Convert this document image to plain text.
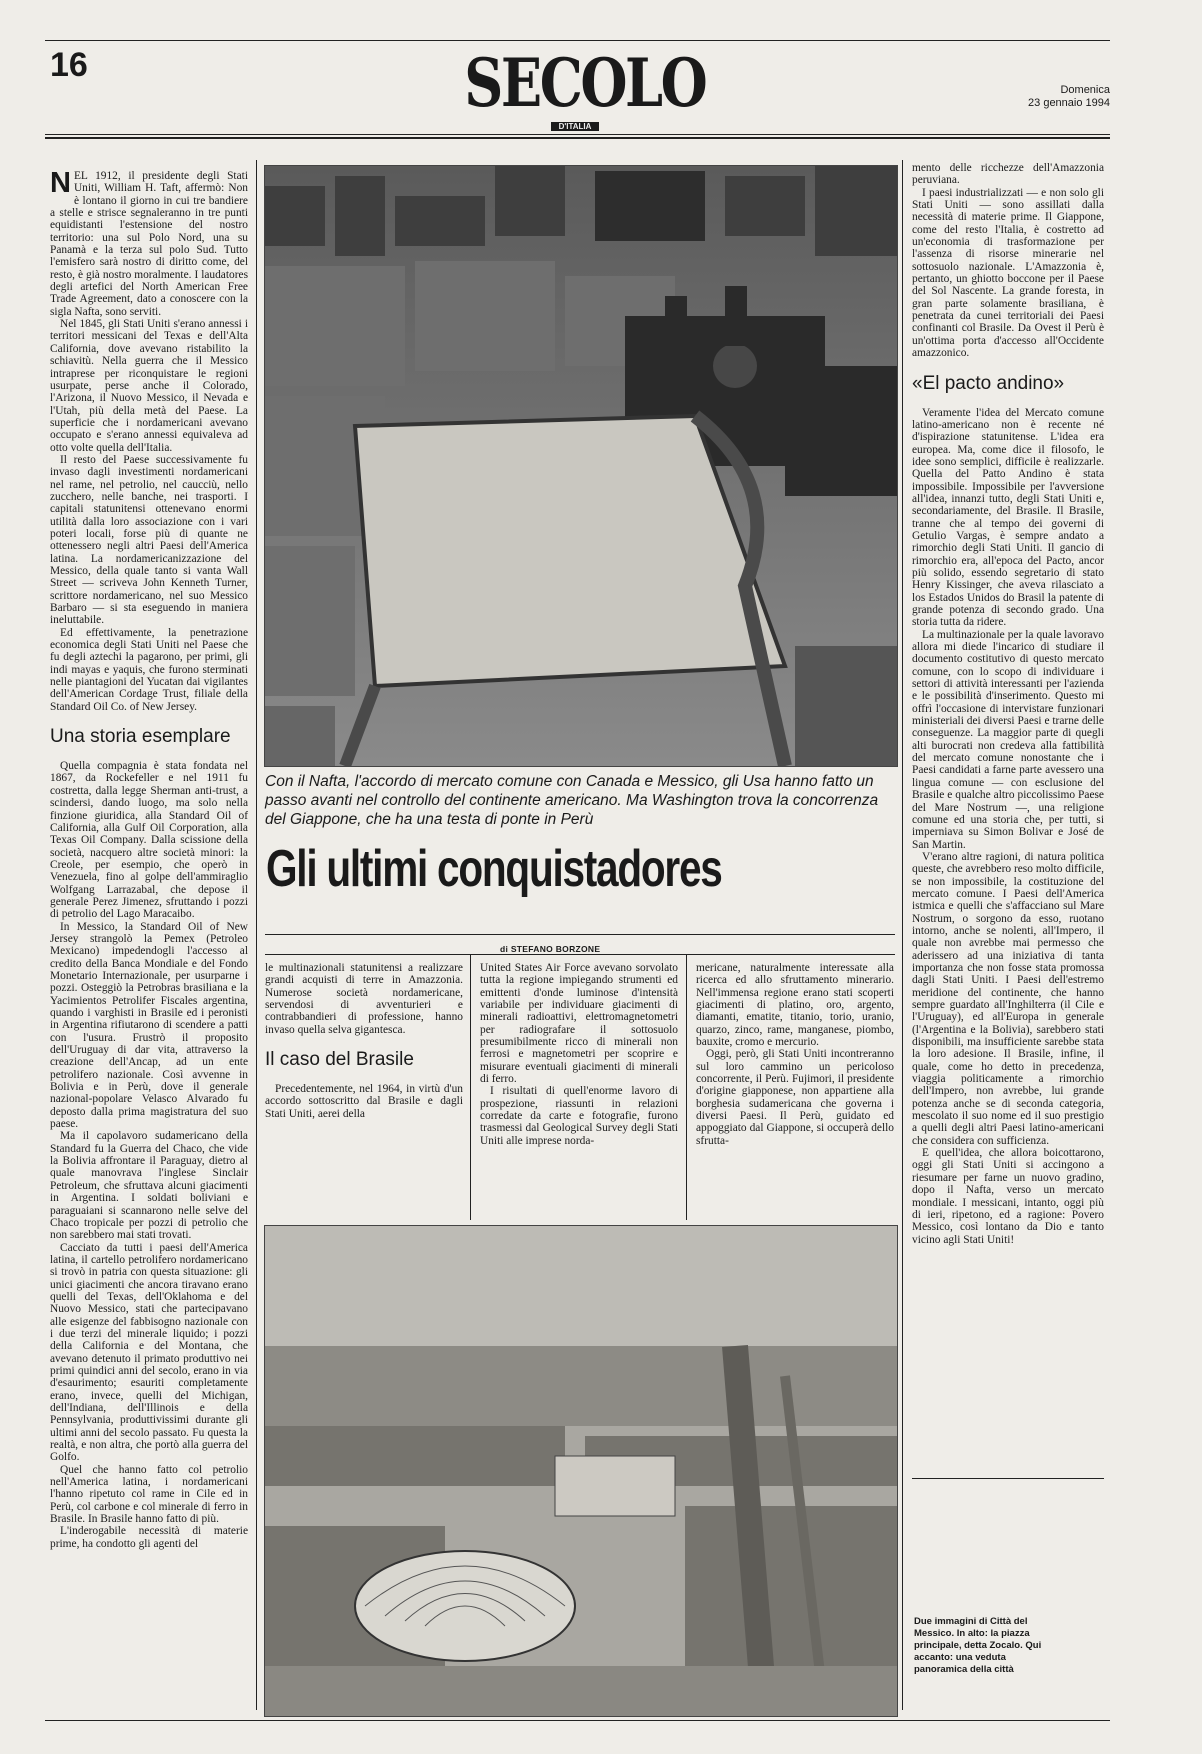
16	SECOLO
D'ITALIA
Domenica
23 gennaio 1994

NEL 1912, il presidente degli Stati Uniti, William H. Taft, affermò: Non è lontano il giorno in cui tre bandiere a stelle e strisce segnaleranno in tre punti equidistanti l'estensione del nostro territorio: una sul Polo Nord, una su Panamà e la terza sul polo Sud. Tutto l'emisfero sarà nostro di diritto come, del resto, è già nostro moralmente. I laudatores degli artefici del North American Free Trade Agreement, dato a conoscere con la sigla Nafta, sono serviti.

Nel 1845, gli Stati Uniti s'erano annessi i territori messicani del Texas e dell'Alta California, dove avevano ristabilito la schiavitù. Nella guerra che il Messico intraprese per riconquistare le regioni usurpate, perse anche il Colorado, l'Arizona, il Nuovo Messico, il Nevada e l'Utah, più della metà del Paese. La superficie che i nordamericani avevano occupato e s'erano annessi equivaleva ad otto volte quella dell'Italia.

Il resto del Paese successivamente fu invaso dagli investimenti nordamericani nel rame, nel petrolio, nel caucciù, nello zucchero, nelle banche, nei trasporti. I capitali statunitensi ottenevano enormi utilità dalla loro associazione con i vari poteri locali, forse più di quante ne ottenessero negli altri Paesi dell'America latina. La nordamericanizzazione del Messico, della quale tanto si vanta Wall Street — scriveva John Kenneth Turner, scrittore nordamericano, nel suo Messico Barbaro — si sta eseguendo in maniera ineluttabile.

Ed effettivamente, la penetrazione economica degli Stati Uniti nel Paese che fu degli aztechi la pagarono, per primi, gli indi mayas e yaquis, che furono sterminati nelle piantagioni del Yucatan dai vigilantes dell'American Cordage Trust, filiale della Standard Oil Co. of New Jersey.

Una storia esemplare

Quella compagnia è stata fondata nel 1867, da Rockefeller e nel 1911 fu costretta, dalla legge Sherman anti-trust, a scindersi, dando luogo, ma solo nella finzione giuridica, alla Standard Oil of California, alla Gulf Oil Corporation, alla Texas Oil Company. Dalla scissione della società, nacquero altre società minori: la Creole, per esempio, che operò in Venezuela, fino al golpe dell'ammiraglio Wolfgang Larrazabal, che depose il generale Perez Jimenez, sfruttando i pozzi di petrolio del Lago Maracaibo.

In Messico, la Standard Oil of New Jersey strangolò la Pemex (Petroleo Mexicano) impedendogli l'accesso al credito della Banca Mondiale e del Fondo Monetario Internazionale, per usurparne i pozzi. Osteggiò la Petrobras brasiliana e la Yacimientos Petrolifer Fiscales argentina, quando i varghisti in Brasile ed i peronisti in Argentina rifiutarono di scendere a patti con l'usura. Frustrò il proposito dell'Uruguay di dar vita, attraverso la creazione dell'Ancap, ad un ente petrolifero nazionale. Così avvenne in Bolivia e in Perù, dove il generale nazional-popolare Velasco Alvarado fu deposto dalla prima magistratura del suo paese.

Ma il capolavoro sudamericano della Standard fu la Guerra del Chaco, che vide la Bolivia affrontare il Paraguay, dietro al quale manovrava l'inglese Sinclair Petroleum, che sfruttava alcuni giacimenti in Argentina. I soldati boliviani e paraguaiani si scannarono nelle selve del Chaco tropicale per pozzi di petrolio che non sarebbero mai stati trovati.

Cacciato da tutti i paesi dell'America latina, il cartello petrolifero nordamericano si trovò in patria con questa situazione: gli unici giacimenti che ancora tiravano erano quelli del Texas, dell'Oklahoma e del Nuovo Messico, stati che partecipavano alle esigenze del fabbisogno nazionale con i due terzi del minerale liquido; i pozzi della California e del Montana, che avevano detenuto il primato produttivo nei primi quindici anni del secolo, erano in via d'esaurimento; esauriti completamente erano, invece, quelli del Michigan, dell'Indiana, dell'Illinois e della Pennsylvania, produttivissimi durante gli ultimi anni del secolo passato. Fu questa la realtà, e non altra, che portò alla guerra del Golfo.

Quel che hanno fatto col petrolio nell'America latina, i nordamericani l'hanno ripetuto col rame in Cile ed in Perù, col carbone e col minerale di ferro in Brasile. In Brasile hanno fatto di più.

L'inderogabile necessità di materie prime, ha condotto gli agenti del

Con il Nafta, l'accordo di mercato comune con Canada e Messico, gli Usa hanno fatto un passo avanti nel controllo del continente americano. Ma Washington trova la concorrenza del Giappone, che ha una testa di ponte in Perù
Gli ultimi conquistadores
di STEFANO BORZONE

le multinazionali statunitensi a realizzare grandi acquisti di terre in Amazzonia. Numerose società nordamericane, servendosi di avventurieri e contrabbandieri di professione, hanno invaso quella selva gigantesca.

Il caso del Brasile

Precedentemente, nel 1964, in virtù d'un accordo sottoscritto dal Brasile e dagli Stati Uniti, aerei della

United States Air Force avevano sorvolato tutta la regione impiegando strumenti ed emittenti d'onde luminose d'intensità variabile per individuare giacimenti di minerali radioattivi, elettromagnetometri per radiografare il sottosuolo presumibilmente ricco di minerali non ferrosi e magnetometri per scoprire e misurare eventuali giacimenti di minerali di ferro.

I risultati di quell'enorme lavoro di prospezione, riassunti in relazioni corredate da carte e fotografie, furono trasmessi dal Geological Survey degli Stati Uniti alle imprese norda-

mericane, naturalmente interessate alla ricerca ed allo sfruttamento minerario. Nell'immensa regione erano stati scoperti giacimenti di platino, oro, argento, diamanti, ematite, titanio, torio, uranio, quarzo, zinco, rame, manganese, piombo, bauxite, cromo e mercurio.

Oggi, però, gli Stati Uniti incontreranno sul loro cammino un pericoloso concorrente, il Perù. Fujimori, il presidente d'origine giapponese, non appartiene alla borghesia sudamericana che governa i diversi Paesi. Il Perù, guidato ed appoggiato dal Giappone, si occuperà dello sfrutta-

mento delle ricchezze dell'Amazzonia peruviana.

I paesi industrializzati — e non solo gli Stati Uniti — sono assillati dalla necessità di materie prime. Il Giappone, come del resto l'Italia, è costretto ad un'economia di trasformazione per l'assenza di risorse minerarie nel sottosuolo nazionale. L'Amazzonia è, pertanto, un ghiotto boccone per il Paese del Sol Nascente. La grande foresta, in gran parte solamente brasiliana, è penetrata da cunei territoriali dei Paesi confinanti col Brasile. Da Ovest il Perù è un'ottima porta d'accesso all'Occidente amazzonico.

«El pacto andino»

Veramente l'idea del Mercato comune latino-americano non è recente né d'ispirazione statunitense. L'idea era europea. Ma, come dice il filosofo, le idee sono semplici, difficile è realizzarle. Quella del Patto Andino è stata impossibile. Impossibile per l'avversione all'idea, innanzi tutto, degli Stati Uniti e, secondariamente, del Brasile. Il Brasile, tranne che al tempo dei governi di Getulio Vargas, è sempre andato a rimorchio degli Stati Uniti. Il gancio di rimorchio era, all'epoca del Pacto, ancor più solido, essendo segretario di stato Henry Kissinger, che aveva rilasciato a los Estados Unidos do Brasil la patente di grande potenza di secondo grado. Una storia tutta da ridere.

La multinazionale per la quale lavoravo allora mi diede l'incarico di studiare il documento costitutivo di questo mercato comune, con lo scopo di individuare i settori di attività interessanti per l'azienda e le possibilità d'inserimento. Questo mi offrì l'occasione di intervistare funzionari ministeriali dei diversi Paesi e trarne delle conseguenze. La maggior parte di quegli alti burocrati non credeva alla fattibilità del mercato comune nonostante che i Paesi candidati a farne parte avessero una lingua comune — con esclusione del Brasile e qualche altro piccolissimo Paese del Mare Nostrum —, una religione comune ed una storia che, per tutti, si imperniava su Simon Bolivar e José de San Martin.

V'erano altre ragioni, di natura politica queste, che avrebbero reso molto difficile, se non impossibile, la costituzione del mercato comune. I Paesi dell'America istmica e quelli che s'affacciano sul Mare Nostrum, o sorgono da esso, ruotano intorno, anche se nolenti, all'Impero, il quale non avrebbe mai permesso che aderissero ad una iniziativa di tanta importanza che non fosse stata promossa dagli Stati Uniti. I Paesi dell'estremo meridione del continente, che hanno sempre guardato all'Inghilterra (il Cile e l'Uruguay), ed all'Europa in generale (l'Argentina e la Bolivia), sarebbero stati disponibili, ma insufficiente sarebbe stata la loro adesione. Il Brasile, infine, il quale, come ho detto in precedenza, viaggia politicamente a rimorchio dell'Impero, non avrebbe, lui grande potenza anche se di seconda categoria, mescolato il suo nome ed il suo prestigio a quelli degli altri Paesi latino-americani che considera con sufficienza.

E quell'idea, che allora boicottarono, oggi gli Stati Uniti si accingono a riesumare per farne un nuovo gradino, dopo il Nafta, verso un mercato mondiale. I messicani, intanto, oggi più di ieri, ripetono, ed a ragione: Povero Messico, così lontano da Dio e tanto vicino agli Stati Uniti!

Due immagini di Città del Messico. In alto: la piazza principale, detta Zocalo. Qui accanto: una veduta panoramica della città
